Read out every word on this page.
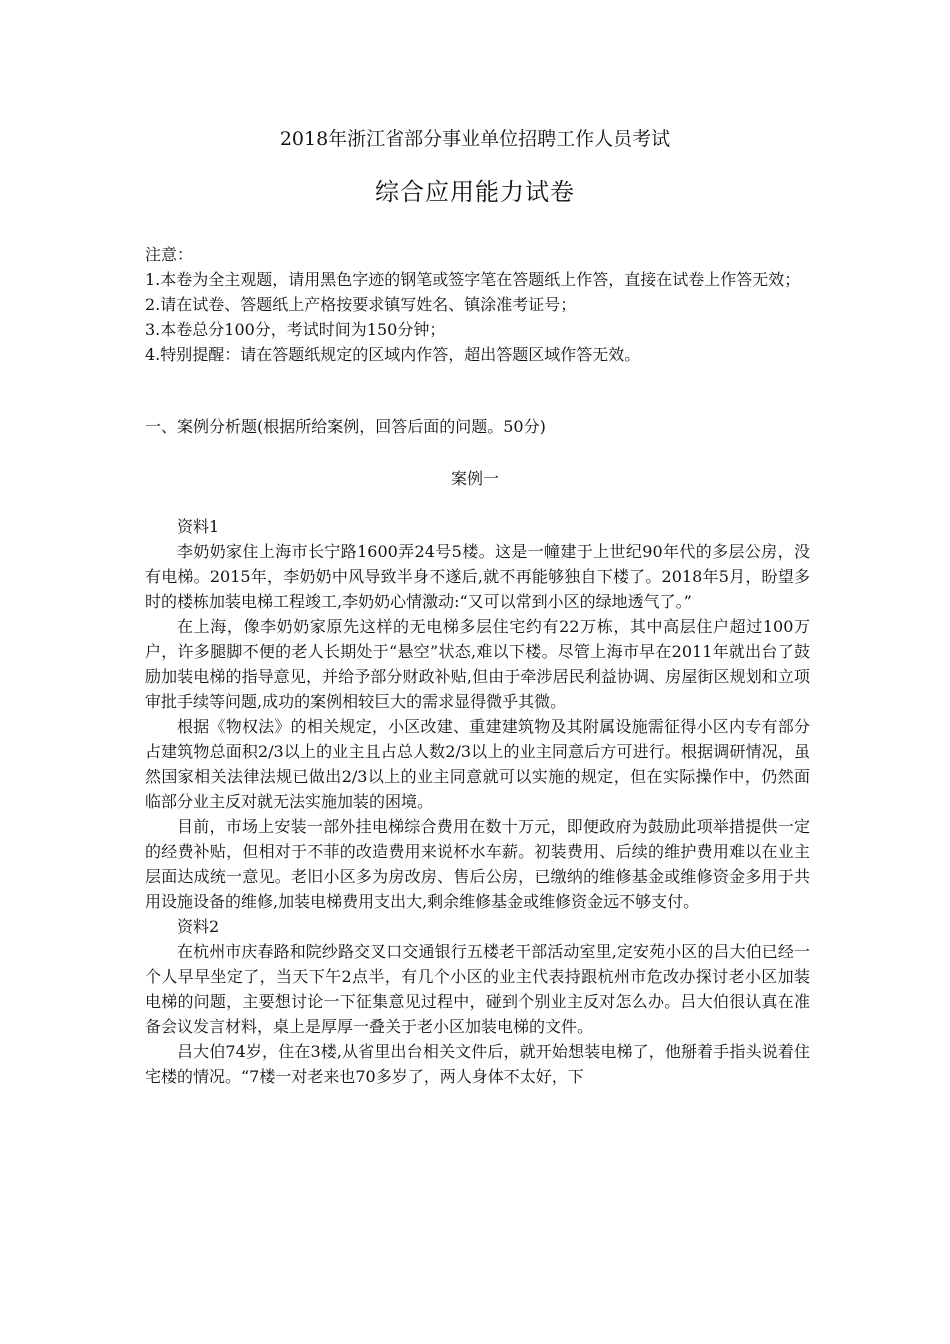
2018年浙江省部分事业单位招聘工作人员考试
综合应用能力试卷
注意：
1.本卷为全主观题，请用黑色字迹的钢笔或签字笔在答题纸上作答，直接在试卷上作答无效；
2.请在试卷、答题纸上产格按要求镇写姓名、镇涂准考证号；
3.本卷总分100分，考试时间为150分钟；
4.特别提醒：请在答题纸规定的区域内作答，超出答题区域作答无效。
一、案例分析题(根据所给案例，回答后面的问题。50分)
案例一

资料1

李奶奶家住上海市长宁路1600弄24号5楼。这是一幢建于上世纪90年代的多层公房，没有电梯。2015年，李奶奶中风导致半身不遂后,就不再能够独自下楼了。2018年5月，盼望多时的楼栋加装电梯工程竣工,李奶奶心情激动:“又可以常到小区的绿地透气了。”

在上海，像李奶奶家原先这样的无电梯多层住宅约有22万栋，其中高层住户超过100万户，许多腿脚不便的老人长期处于“悬空”状态,难以下楼。尽管上海市早在2011年就出台了鼓励加装电梯的指导意见，并给予部分财政补贴,但由于牵涉居民利益协调、房屋街区规划和立项审批手续等问题,成功的案例相较巨大的需求显得微乎其微。

根据《物权法》的相关规定，小区改建、重建建筑物及其附属设施需征得小区内专有部分占建筑物总面积2/3以上的业主且占总人数2/3以上的业主同意后方可进行。根据调研情况，虽然国家相关法律法规已做出2/3以上的业主同意就可以实施的规定，但在实际操作中，仍然面临部分业主反对就无法实施加装的困境。

目前，市场上安装一部外挂电梯综合费用在数十万元，即便政府为鼓励此项举措提供一定的经费补贴，但相对于不菲的改造费用来说杯水车薪。初装费用、后续的维护费用难以在业主层面达成统一意见。老旧小区多为房改房、售后公房，已缴纳的维修基金或维修资金多用于共用设施设备的维修,加装电梯费用支出大,剩余维修基金或维修资金远不够支付。

资料2

在杭州市庆春路和院纱路交叉口交通银行五楼老干部活动室里,定安苑小区的吕大伯已经一个人早早坐定了，当天下午2点半，有几个小区的业主代表持跟杭州市危改办探讨老小区加装电梯的问题，主要想讨论一下征集意见过程中，碰到个别业主反对怎么办。吕大伯很认真在准备会议发言材料，桌上是厚厚一叠关于老小区加装电梯的文件。

吕大伯74岁，住在3楼,从省里出台相关文件后，就开始想装电梯了，他掰着手指头说着住宅楼的情况。“7楼一对老来也70多岁了，两人身体不太好，下
